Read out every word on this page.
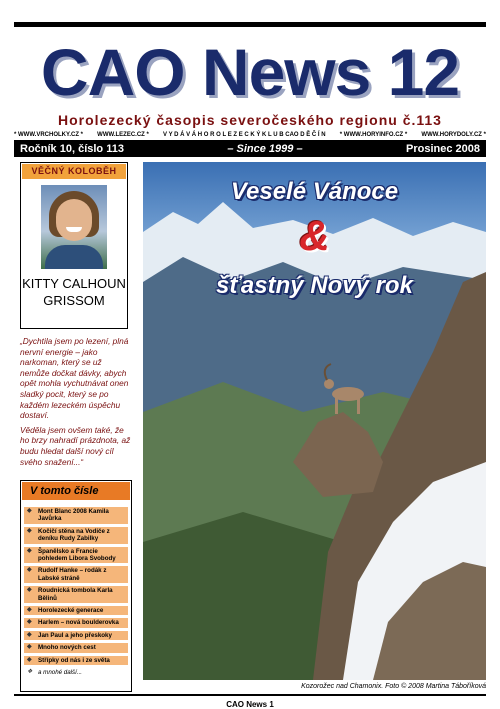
CAO News 12
Horolezecký časopis severočeského regionu č.113
* WWW.VRCHOLKY.CZ * WWW.LEZEC.CZ * V Y D Á V Á H O R O L E Z E C K Ý K L U B CAO D Ě Č Í N * WWW.HORYINFO.CZ * WWW.HORYDOLY.CZ *
Ročník 10, číslo 113	– Since 1999 –	Prosinec 2008
VĚČNÝ KOLOBĚH
KITTY CALHOUN
GRISSOM

„Dychtila jsem po lezení, plná nervní energie – jako narkoman, který se už nemůže dočkat dávky, abych opět mohla vychutnávat onen sladký pocit, který se po každém lezeckém úspěchu dostaví.

Věděla jsem ovšem také, že ho brzy nahradí prázdnota, až budu hledat další nový cíl svého snažení...“

V tomto čísle
◆ Mont Blanc 2008 Kamila Javůrka
◆ Kočičí stěna na Vodiče z deníku Rudy Zabilky
◆ Španělsko a Francie pohledem Libora Svobody
◆ Rudolf Hanke – rodák z Labské stráně
◆ Roudnická tombola Karla Bělinů
◆ Horolezecké generace
◆ Harlem – nová boulderovka
◆ Jan Paul a jeho přeskoky
◆ Mnoho nových cest
◆ Střípky od nás i ze světa
❖ a mnohé další...
Veselé Vánoce
&
šťastný Nový rok
Kozorožec nad Chamonix. Foto © 2008 Martina Táboříková
CAO News 1
